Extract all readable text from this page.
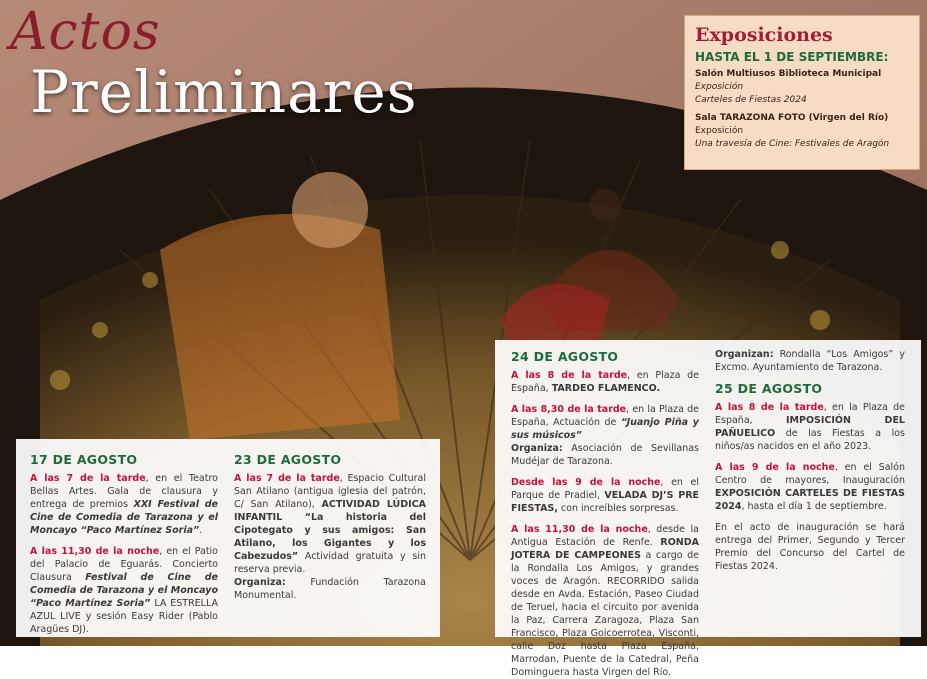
Actos
Preliminares
Exposiciones
HASTA EL 1 DE SEPTIEMBRE:

Salón Multiusos Biblioteca Municipal

Exposición

Carteles de Fiestas 2024

Sala TARAZONA FOTO (Virgen del Río)

Exposición

Una travesía de Cine: Festivales de Aragón

17 DE AGOSTO

A las 7 de la tarde, en el Teatro Bellas Artes. Gala de clausura y entrega de premios XXI Festival de Cine de Comedia de Tarazona y el Moncayo “Paco Martínez Soria”.

A las 11,30 de la noche, en el Patio del Palacio de Eguarás. Concierto Clausura Festival de Cine de Comedia de Tarazona y el Moncayo “Paco Martínez Soria” LA ESTRELLA AZUL LIVE y sesión Easy Rider (Pablo Aragües DJ).

23 DE AGOSTO

A las 7 de la tarde, Espacio Cultural San Atilano (antigua iglesia del patrón, C/ San Atilano), ACTIVIDAD LÚDICA INFANTIL “La historia del Cipotegato y sus amigos: San Atilano, los Gigantes y los Cabezudos” Actividad gratuita y sin reserva previa.
Organiza: Fundación Tarazona Monumental.

24 DE AGOSTO

A las 8 de la tarde, en Plaza de España, TARDEO FLAMENCO.

A las 8,30 de la tarde, en la Plaza de España, Actuación de “Juanjo Piña y sus músicos”
Organiza: Asociación de Sevillanas Mudéjar de Tarazona.

Desde las 9 de la noche, en el Parque de Pradiel, VELADA DJ’S PRE FIESTAS, con increíbles sorpresas.

A las 11,30 de la noche, desde la Antigua Estación de Renfe. RONDA JOTERA DE CAMPEONES a cargo de la Rondalla Los Amigos, y grandes voces de Aragón. RECORRIDO salida desde en Avda. Estación, Paseo Ciudad de Teruel, hacia el circuito por avenida la Paz, Carrera Zaragoza, Plaza San Francisco, Plaza Goicoerrotea, Visconti, calle Doz hasta Plaza España, Marrodan, Puente de la Catedral, Peña Dominguera hasta Virgen del Río.

Organizan: Rondalla “Los Amigos” y Excmo. Ayuntamiento de Tarazona.

25 DE AGOSTO

A las 8 de la tarde, en la Plaza de España, IMPOSICIÓN DEL PAÑUELICO de las Fiestas a los niños/as nacidos en el año 2023.

A las 9 de la noche, en el Salón Centro de mayores, Inauguración EXPOSICIÓN CARTELES DE FIESTAS 2024, hasta el día 1 de septiembre.

En el acto de inauguración se hará entrega del Primer, Segundo y Tercer Premio del Concurso del Cartel de Fiestas 2024.
